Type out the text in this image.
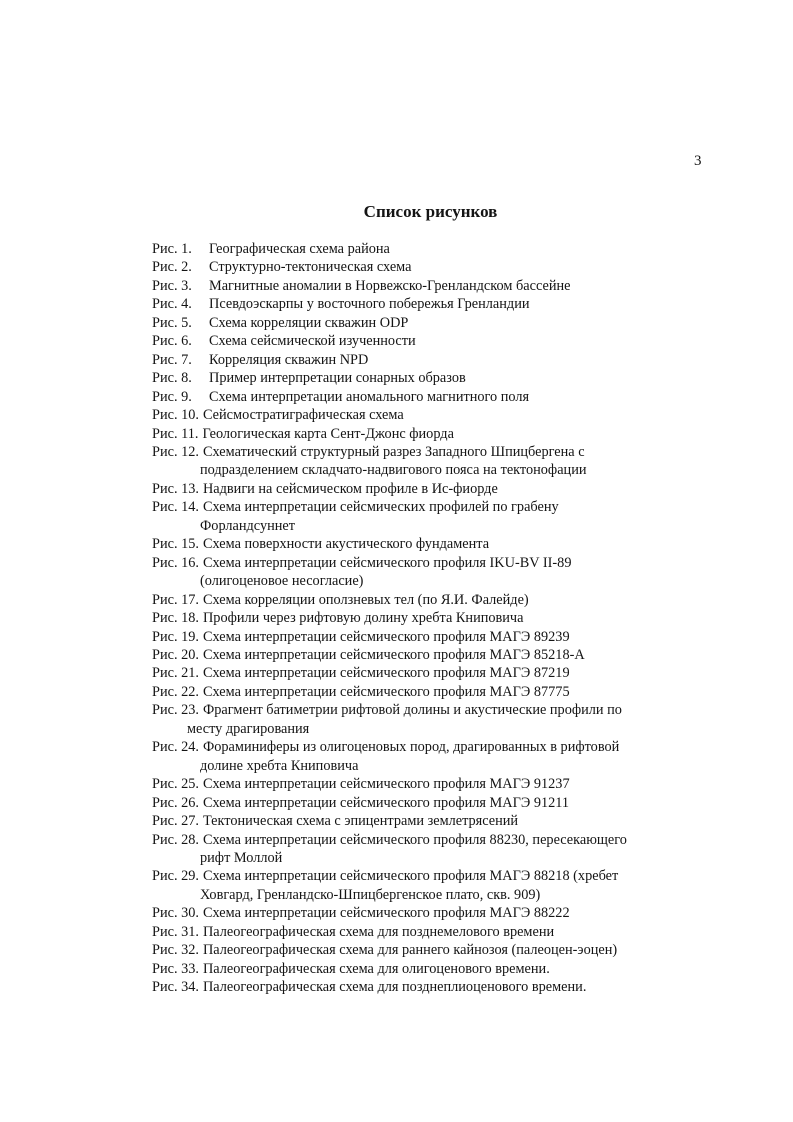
3
Список рисунков
Рис. 1. Географическая схема района
Рис. 2. Структурно-тектоническая схема
Рис. 3. Магнитные аномалии в Норвежско-Гренландском бассейне
Рис. 4. Псевдоэскарпы у восточного побережья Гренландии
Рис. 5. Схема корреляции скважин ODP
Рис. 6. Схема сейсмической изученности
Рис. 7. Корреляция скважин NPD
Рис. 8. Пример интерпретации сонарных образов
Рис. 9. Схема интерпретации аномального магнитного поля
Рис. 10. Сейсмостратиграфическая схема
Рис. 11. Геологическая карта Сент-Джонс фиорда
Рис. 12. Схематический структурный разрез Западного Шпицбергена с
подразделением складчато-надвигового пояса на тектонофации
Рис. 13. Надвиги на сейсмическом профиле в Ис-фиорде
Рис. 14. Схема интерпретации сейсмических профилей по грабену
Форландсуннет
Рис. 15. Схема поверхности акустического фундамента
Рис. 16. Схема интерпретации сейсмического профиля IKU-BV II-89
(олигоценовое несогласие)
Рис. 17. Схема корреляции оползневых тел (по Я.И. Фалейде)
Рис. 18. Профили через рифтовую долину хребта Книповича
Рис. 19. Схема интерпретации сейсмического профиля МАГЭ 89239
Рис. 20. Схема интерпретации сейсмического профиля МАГЭ 85218-А
Рис. 21. Схема интерпретации сейсмического профиля МАГЭ 87219
Рис. 22. Схема интерпретации сейсмического профиля МАГЭ 87775
Рис. 23. Фрагмент батиметрии рифтовой долины и акустические профили по
месту драгирования
Рис. 24. Фораминиферы из олигоценовых пород, драгированных в рифтовой
долине хребта Книповича
Рис. 25. Схема интерпретации сейсмического профиля МАГЭ 91237
Рис. 26. Схема интерпретации сейсмического профиля МАГЭ 91211
Рис. 27. Тектоническая схема с эпицентрами землетрясений
Рис. 28. Схема интерпретации сейсмического профиля 88230, пересекающего
рифт Моллой
Рис. 29. Схема интерпретации сейсмического профиля МАГЭ 88218 (хребет
Ховгард, Гренландско-Шпицбергенское плато, скв. 909)
Рис. 30. Схема интерпретации сейсмического профиля МАГЭ 88222
Рис. 31. Палеогеографическая схема для позднемелового времени
Рис. 32. Палеогеографическая схема для раннего кайнозоя (палеоцен-эоцен)
Рис. 33. Палеогеографическая схема для олигоценового времени.
Рис. 34. Палеогеографическая схема для позднеплиоценового времени.
